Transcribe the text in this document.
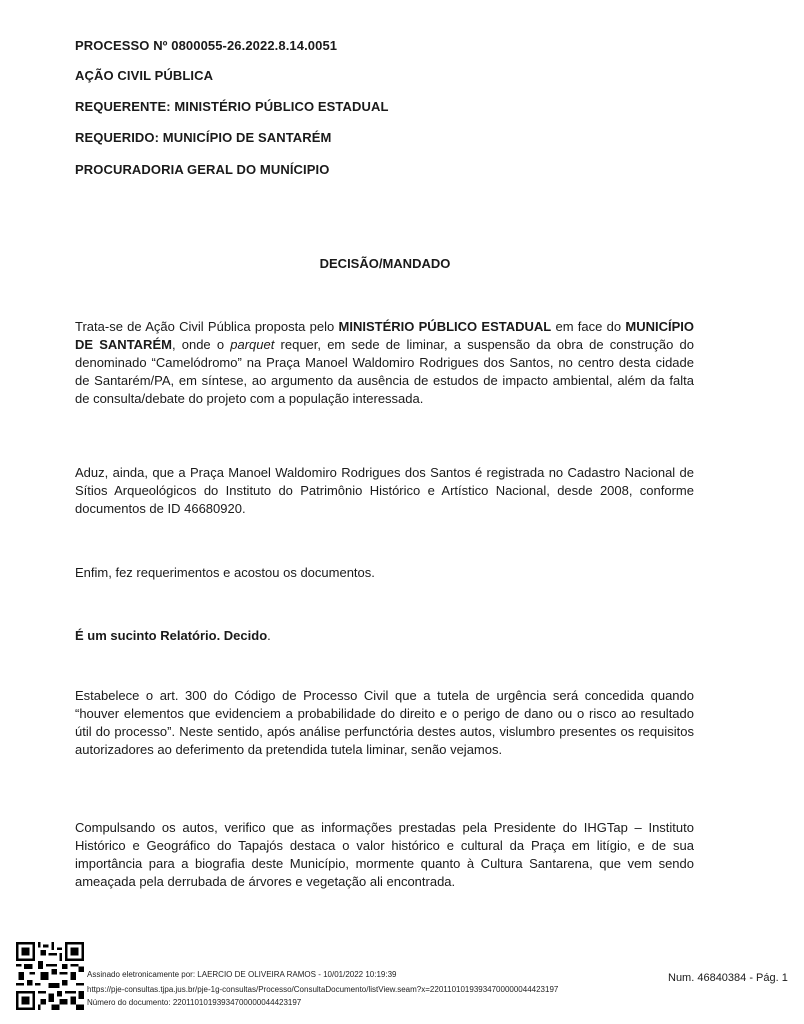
PROCESSO Nº 0800055-26.2022.8.14.0051
AÇÃO CIVIL PÚBLICA
REQUERENTE: MINISTÉRIO PÚBLICO ESTADUAL
REQUERIDO: MUNICÍPIO DE SANTARÉM
PROCURADORIA GERAL DO MUNÍCIPIO
DECISÃO/MANDADO
Trata-se de Ação Civil Pública proposta pelo MINISTÉRIO PÚBLICO ESTADUAL em face do MUNICÍPIO DE SANTARÉM, onde o parquet requer, em sede de liminar, a suspensão da obra de construção do denominado “Camelódromo” na Praça Manoel Waldomiro Rodrigues dos Santos, no centro desta cidade de Santarém/PA, em síntese, ao argumento da ausência de estudos de impacto ambiental, além da falta de consulta/debate do projeto com a população interessada.
Aduz, ainda, que a Praça Manoel Waldomiro Rodrigues dos Santos é registrada no Cadastro Nacional de Sítios Arqueológicos do Instituto do Patrimônio Histórico e Artístico Nacional, desde 2008, conforme documentos de ID 46680920.
Enfim, fez requerimentos e acostou os documentos.
É um sucinto Relatório. Decido.
Estabelece o art. 300 do Código de Processo Civil que a tutela de urgência será concedida quando “houver elementos que evidenciem a probabilidade do direito e o perigo de dano ou o risco ao resultado útil do processo”. Neste sentido, após análise perfunctória destes autos, vislumbro presentes os requisitos autorizadores ao deferimento da pretendida tutela liminar, senão vejamos.
Compulsando os autos, verifico que as informações prestadas pela Presidente do IHGTap – Instituto Histórico e Geográfico do Tapajós destaca o valor histórico e cultural da Praça em litígio, e de sua importância para a biografia deste Município, mormente quanto à Cultura Santarena, que vem sendo ameaçada pela derrubada de árvores e vegetação ali encontrada.
Assinado eletronicamente por: LAERCIO DE OLIVEIRA RAMOS - 10/01/2022 10:19:39
https://pje-consultas.tjpa.jus.br/pje-1g-consultas/Processo/ConsultaDocumento/listView.seam?x=22011010193934700000044423197
Número do documento: 22011010193934700000044423197
Num. 46840384 - Pág. 1
